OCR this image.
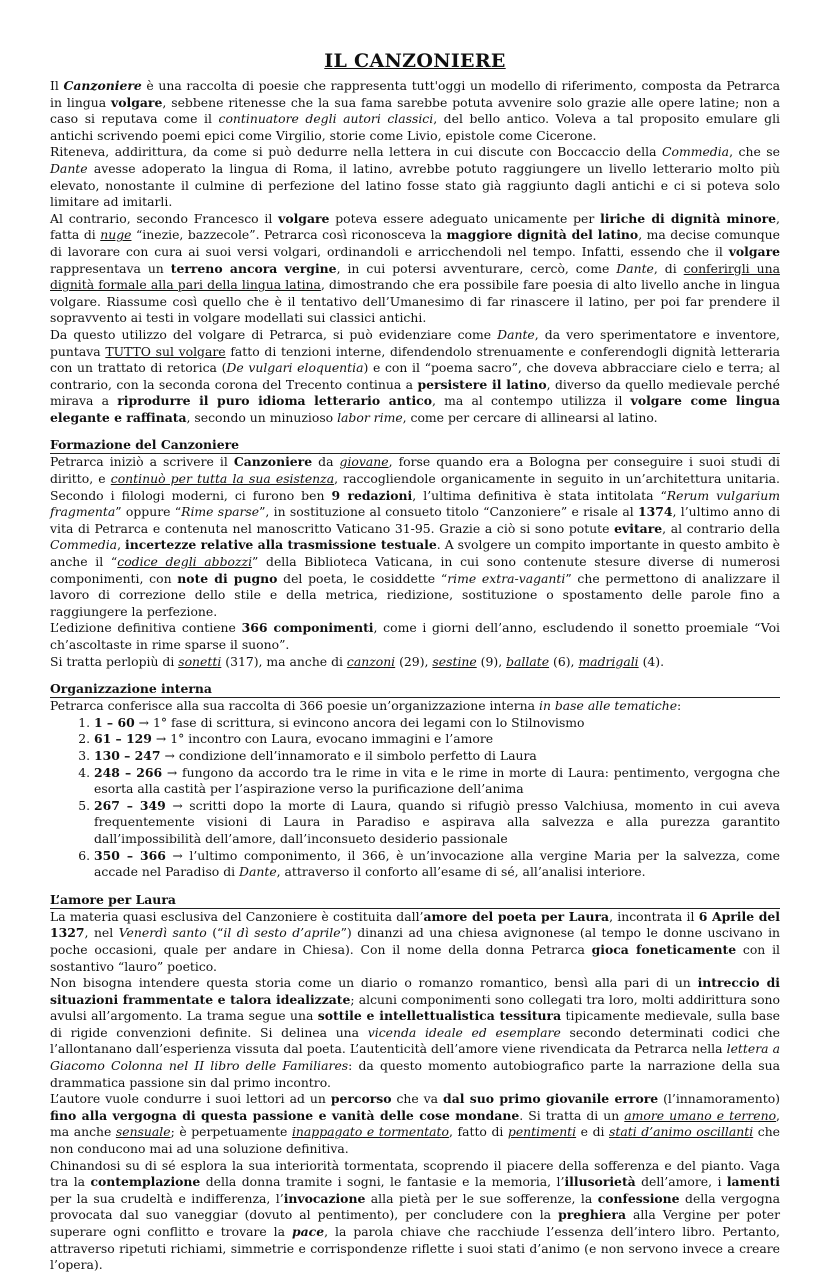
IL CANZONIERE

Il Canzoniere è una raccolta di poesie che rappresenta tutt'oggi un modello di riferimento, composta da Petrarca in lingua volgare, sebbene ritenesse che la sua fama sarebbe potuta avvenire solo grazie alle opere latine; non a caso si reputava come il continuatore degli autori classici, del bello antico. Voleva a tal proposito emulare gli antichi scrivendo poemi epici come Virgilio, storie come Livio, epistole come Cicerone.

Riteneva, addirittura, da come si può dedurre nella lettera in cui discute con Boccaccio della Commedia, che se Dante avesse adoperato la lingua di Roma, il latino, avrebbe potuto raggiungere un livello letterario molto più elevato, nonostante il culmine di perfezione del latino fosse stato già raggiunto dagli antichi e ci si poteva solo limitare ad imitarli.

Al contrario, secondo Francesco il volgare poteva essere adeguato unicamente per liriche di dignità minore, fatta di nuge “inezie, bazzecole”. Petrarca così riconosceva la maggiore dignità del latino, ma decise comunque di lavorare con cura ai suoi versi volgari, ordinandoli e arricchendoli nel tempo. Infatti, essendo che il volgare rappresentava un terreno ancora vergine, in cui potersi avventurare, cercò, come Dante, di conferirgli una dignità formale alla pari della lingua latina, dimostrando che era possibile fare poesia di alto livello anche in lingua volgare. Riassume così quello che è il tentativo dell’Umanesimo di far rinascere il latino, per poi far prendere il sopravvento ai testi in volgare modellati sui classici antichi.

Da questo utilizzo del volgare di Petrarca, si può evidenziare come Dante, da vero sperimentatore e inventore, puntava TUTTO sul volgare fatto di tenzioni interne, difendendolo strenuamente e conferendogli dignità letteraria con un trattato di retorica (De vulgari eloquentia) e con il “poema sacro”, che doveva abbracciare cielo e terra; al contrario, con la seconda corona del Trecento continua a persistere il latino, diverso da quello medievale perché mirava a riprodurre il puro idioma letterario antico, ma al contempo utilizza il volgare come lingua elegante e raffinata, secondo un minuzioso labor rime, come per cercare di allinearsi al latino.

Formazione del Canzoniere

Petrarca iniziò a scrivere il Canzoniere da giovane, forse quando era a Bologna per conseguire i suoi studi di diritto, e continuò per tutta la sua esistenza, raccogliendole organicamente in seguito in un’architettura unitaria. Secondo i filologi moderni, ci furono ben 9 redazioni, l’ultima definitiva è stata intitolata “Rerum vulgarium fragmenta” oppure “Rime sparse”, in sostituzione al consueto titolo “Canzoniere” e risale al 1374, l’ultimo anno di vita di Petrarca e contenuta nel manoscritto Vaticano 31-95. Grazie a ciò si sono potute evitare, al contrario della Commedia, incertezze relative alla trasmissione testuale. A svolgere un compito importante in questo ambito è anche il “codice degli abbozzi” della Biblioteca Vaticana, in cui sono contenute stesure diverse di numerosi componimenti, con note di pugno del poeta, le cosiddette “rime extra-vaganti” che permettono di analizzare il lavoro di correzione dello stile e della metrica, riedizione, sostituzione o spostamento delle parole fino a raggiungere la perfezione.

L’edizione definitiva contiene 366 componimenti, come i giorni dell’anno, escludendo il sonetto proemiale “Voi ch’ascoltaste in rime sparse il suono”.

Si tratta perlopiù di sonetti (317), ma anche di canzoni (29), sestine (9), ballate (6), madrigali (4).

Organizzazione interna

Petrarca conferisce alla sua raccolta di 366 poesie un’organizzazione interna in base alle tematiche:

1. 1 – 60 → 1° fase di scrittura, si evincono ancora dei legami con lo Stilnovismo
2. 61 – 129 → 1° incontro con Laura, evocano immagini e l’amore
3. 130 – 247 → condizione dell’innamorato e il simbolo perfetto di Laura
4. 248 – 266 → fungono da accordo tra le rime in vita e le rime in morte di Laura: pentimento, vergogna che esorta alla castità per l’aspirazione verso la purificazione dell’anima
5. 267 – 349 → scritti dopo la morte di Laura, quando si rifugiò presso Valchiusa, momento in cui aveva frequentemente visioni di Laura in Paradiso e aspirava alla salvezza e alla purezza garantito dall’impossibilità dell’amore, dall’inconsueto desiderio passionale
6. 350 – 366 → l’ultimo componimento, il 366, è un’invocazione alla vergine Maria per la salvezza, come accade nel Paradiso di Dante, attraverso il conforto all’esame di sé, all’analisi interiore.
L’amore per Laura

La materia quasi esclusiva del Canzoniere è costituita dall’amore del poeta per Laura, incontrata il 6 Aprile del 1327, nel Venerdì santo (“il dì sesto d’aprile”) dinanzi ad una chiesa avignonese (al tempo le donne uscivano in poche occasioni, quale per andare in Chiesa). Con il nome della donna Petrarca gioca foneticamente con il sostantivo “lauro” poetico.

Non bisogna intendere questa storia come un diario o romanzo romantico, bensì alla pari di un intreccio di situazioni frammentate e talora idealizzate; alcuni componimenti sono collegati tra loro, molti addirittura sono avulsi all’argomento. La trama segue una sottile e intellettualistica tessitura tipicamente medievale, sulla base di rigide convenzioni definite. Si delinea una vicenda ideale ed esemplare secondo determinati codici che l’allontanano dall’esperienza vissuta dal poeta. L’autenticità dell’amore viene rivendicata da Petrarca nella lettera a Giacomo Colonna nel II libro delle Familiares: da questo momento autobiografico parte la narrazione della sua drammatica passione sin dal primo incontro.

L’autore vuole condurre i suoi lettori ad un percorso che va dal suo primo giovanile errore (l’innamoramento) fino alla vergogna di questa passione e vanità delle cose mondane. Si tratta di un amore umano e terreno, ma anche sensuale; è perpetuamente inappagato e tormentato, fatto di pentimenti e di stati d’animo oscillanti che non conducono mai ad una soluzione definitiva.

Chinandosi su di sé esplora la sua interiorità tormentata, scoprendo il piacere della sofferenza e del pianto. Vaga tra la contemplazione della donna tramite i sogni, le fantasie e la memoria, l’illusorietà dell’amore, i lamenti per la sua crudeltà e indifferenza, l’invocazione alla pietà per le sue sofferenze, la confessione della vergogna provocata dal suo vaneggiar (dovuto al pentimento), per concludere con la preghiera alla Vergine per poter superare ogni conflitto e trovare la pace, la parola chiave che racchiude l’essenza dell’intero libro. Pertanto, attraverso ripetuti richiami, simmetrie e corrispondenze riflette i suoi stati d’animo (e non servono invece a creare l’opera).
